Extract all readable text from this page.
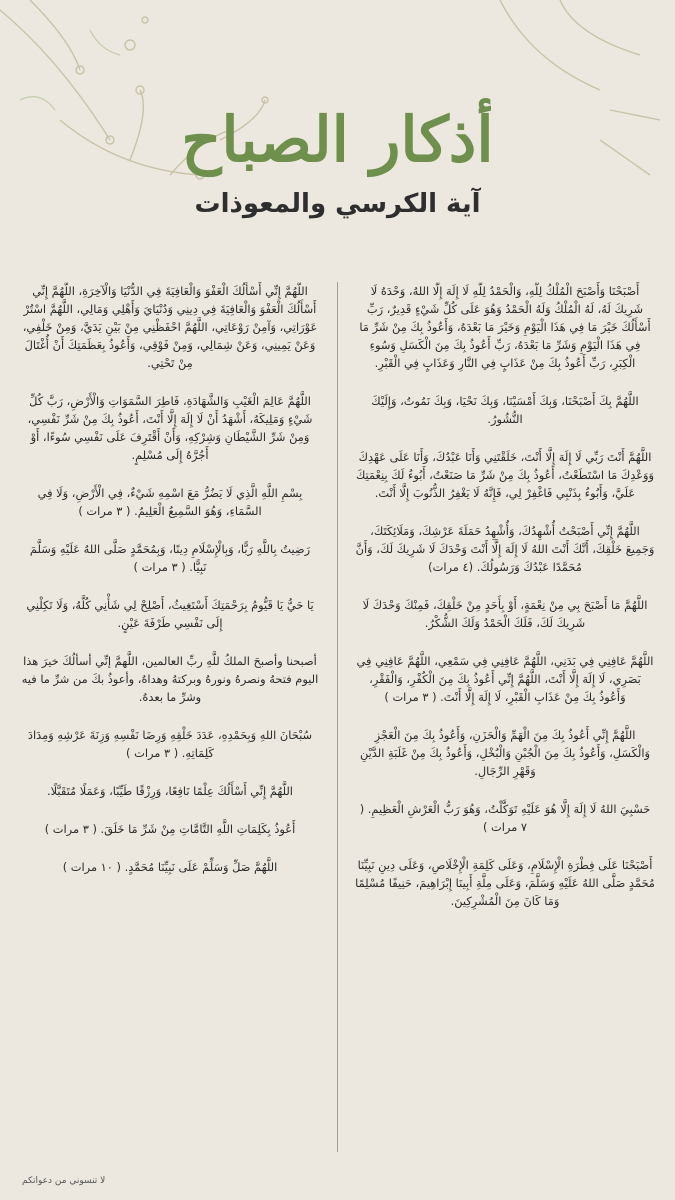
أذكار الصباح
آية الكرسي والمعوذات

أَصْبَحْنَا وَأَصْبَحَ الْمُلْكُ لِلَّهِ، وَالْحَمْدُ لِلَّهِ لَا إِلَهَ إِلَّا اللهُ، وَحْدَهُ لَا شَرِيكَ لَهُ، لَهُ الْمُلْكُ وَلَهُ الْحَمْدُ وَهُوَ عَلَى كُلِّ شَيْءٍ قَدِيرٌ، رَبِّ أَسْأَلُكَ خَيْرَ مَا فِي هَذَا الْيَوْمِ وَخَيْرَ مَا بَعْدَهُ، وَأَعُوذُ بِكَ مِنْ شَرِّ مَا فِي هَذَا الْيَوْمِ وَشَرِّ مَا بَعْدَهُ، رَبِّ أَعُوذُ بِكَ مِنَ الْكَسَلِ وَسُوءِ الْكِبَرِ، رَبِّ أَعُوذُ بِكَ مِنْ عَذَابٍ فِي النَّارِ وَعَذَابٍ فِي الْقَبْرِ.

اللَّهُمَّ بِكَ أَصْبَحْنَا، وَبِكَ أَمْسَيْنَا، وَبِكَ نَحْيَا، وَبِكَ نَمُوتُ، وَإِلَيْكَ النُّشُورُ.

اللَّهُمَّ أَنْتَ رَبِّي لَا إِلَهَ إِلَّا أَنْتَ، خَلَقْتَنِي وَأَنَا عَبْدُكَ، وَأَنَا عَلَى عَهْدِكَ وَوَعْدِكَ مَا اسْتَطَعْتُ، أَعُوذُ بِكَ مِنْ شَرِّ مَا صَنَعْتُ، أَبُوءُ لَكَ بِنِعْمَتِكَ عَلَيَّ، وَأَبُوءُ بِذَنْبِي فَاغْفِرْ لِي، فَإِنَّهُ لَا يَغْفِرُ الذُّنُوبَ إِلَّا أَنْتَ.

اللَّهُمَّ إِنِّي أَصْبَحْتُ أُشْهِدُكَ، وَأُشْهِدُ حَمَلَةَ عَرْشِكَ، وَمَلَائِكَتَكَ، وَجَمِيعَ خَلْقِكَ، أَنَّكَ أَنْتَ اللهُ لَا إِلَهَ إِلَّا أَنْتَ وَحْدَكَ لَا شَرِيكَ لَكَ، وَأَنَّ مُحَمَّدًا عَبْدُكَ وَرَسُولُكَ. (٤ مرات)

اللَّهُمَّ مَا أَصْبَحَ بِي مِنْ نِعْمَةٍ، أَوْ بِأَحَدٍ مِنْ خَلْقِكَ، فَمِنْكَ وَحْدَكَ لَا شَرِيكَ لَكَ، فَلَكَ الْحَمْدُ وَلَكَ الشُّكْرُ.

اللَّهُمَّ عَافِنِي فِي بَدَنِي، اللَّهُمَّ عَافِنِي فِي سَمْعِي، اللَّهُمَّ عَافِنِي فِي بَصَرِي، لَا إِلَهَ إِلَّا أَنْتَ، اللَّهُمَّ إِنِّي أَعُوذُ بِكَ مِنَ الْكُفْرِ، وَالْفَقْرِ، وَأَعُوذُ بِكَ مِنْ عَذَابِ الْقَبْرِ، لَا إِلَهَ إِلَّا أَنْتَ. ( ٣ مرات )

اللَّهُمَّ إِنِّي أَعُوذُ بِكَ مِنَ الْهَمِّ وَالْحَزَنِ، وَأَعُوذُ بِكَ مِنَ الْعَجْزِ وَالْكَسَلِ، وَأَعُوذُ بِكَ مِنَ الْجُبْنِ وَالْبُخْلِ، وَأَعُوذُ بِكَ مِنْ غَلَبَةِ الدَّيْنِ وَقَهْرِ الرِّجَالِ.

حَسْبِيَ اللهُ لَا إِلَهَ إِلَّا هُوَ عَلَيْهِ تَوَكَّلْتُ، وَهُوَ رَبُّ الْعَرْشِ الْعَظِيمِ. ( ٧ مرات )

أَصْبَحْنَا عَلَى فِطْرَةِ الْإِسْلَامِ، وَعَلَى كَلِمَةِ الْإِخْلَاصِ، وَعَلَى دِينِ نَبِيِّنَا مُحَمَّدٍ صَلَّى اللهُ عَلَيْهِ وَسَلَّمَ، وَعَلَى مِلَّةِ أَبِينَا إِبْرَاهِيمَ، حَنِيفًا مُسْلِمًا وَمَا كَانَ مِنَ الْمُشْرِكِينَ.

اللَّهُمَّ إِنِّي أَسْأَلُكَ الْعَفْوَ وَالْعَافِيَةَ فِي الدُّنْيَا وَالْآخِرَةِ، اللَّهُمَّ إِنِّي أَسْأَلُكَ الْعَفْوَ وَالْعَافِيَةَ فِي دِينِي وَدُنْيَايَ وَأَهْلِي وَمَالِي، اللَّهُمَّ اسْتُرْ عَوْرَاتِي، وَآمِنْ رَوْعَاتِي، اللَّهُمَّ احْفَظْنِي مِنْ بَيْنِ يَدَيَّ، وَمِنْ خَلْفِي، وَعَنْ يَمِينِي، وَعَنْ شِمَالِي، وَمِنْ فَوْقِي، وَأَعُوذُ بِعَظَمَتِكَ أَنْ أُغْتَالَ مِنْ تَحْتِي.

اللَّهُمَّ عَالِمَ الْغَيْبِ وَالشَّهَادَةِ، فَاطِرَ السَّمَوَاتِ وَالْأَرْضِ، رَبَّ كُلِّ شَيْءٍ وَمَلِيكَهُ، أَشْهَدُ أَنْ لَا إِلَهَ إِلَّا أَنْتَ، أَعُوذُ بِكَ مِنْ شَرِّ نَفْسِي، وَمِنْ شَرِّ الشَّيْطَانِ وَشِرْكِهِ، وَأَنْ أَقْتَرِفَ عَلَى نَفْسِي سُوءًا، أَوْ أَجُرَّهُ إِلَى مُسْلِمٍ.

بِسْمِ اللَّهِ الَّذِي لَا يَضُرُّ مَعَ اسْمِهِ شَيْءٌ، فِي الْأَرْضِ، وَلَا فِي السَّمَاءِ، وَهُوَ السَّمِيعُ الْعَلِيمُ. ( ٣ مرات )

رَضِيتُ بِاللَّهِ رَبًّا، وَبِالْإِسْلَامِ دِينًا، وَبِمُحَمَّدٍ صَلَّى اللهُ عَلَيْهِ وَسَلَّمَ نَبِيًّا. ( ٣ مرات )

يَا حَيُّ يَا قَيُّومُ بِرَحْمَتِكَ أَسْتَغِيثُ، أَصْلِحْ لِي شَأْنِي كُلَّهُ، وَلَا تَكِلْنِي إِلَى نَفْسِي طَرْفَةَ عَيْنٍ.

أصبحنا وأصبحَ الملكُ للَّهِ ربِّ العالمين، اللَّهمَّ إنِّي أسألُكَ خيرَ هذا اليوم فتحهُ ونصرهُ ونورهُ وبركتهُ وهداهُ، وأعوذُ بكَ من شرِّ ما فيه وشرِّ ما بعدهُ.

سُبْحَانَ اللهِ وَبِحَمْدِهِ، عَدَدَ خَلْقِهِ وَرِضَا نَفْسِهِ وَزِنَةَ عَرْشِهِ وَمِدَادَ كَلِمَاتِهِ. ( ٣ مرات )

اللَّهُمَّ إِنِّي أَسْأَلُكَ عِلْمًا نَافِعًا، وَرِزْقًا طَيِّبًا، وَعَمَلًا مُتَقَبَّلًا.

أَعُوذُ بِكَلِمَاتِ اللَّهِ التَّامَّاتِ مِنْ شَرِّ مَا خَلَقَ. ( ٣ مرات )

اللَّهُمَّ صَلِّ وَسَلِّمْ عَلَى نَبِيِّنَا مُحَمَّدٍ. ( ١٠ مرات )

لا تنسوني من دعواتكم
